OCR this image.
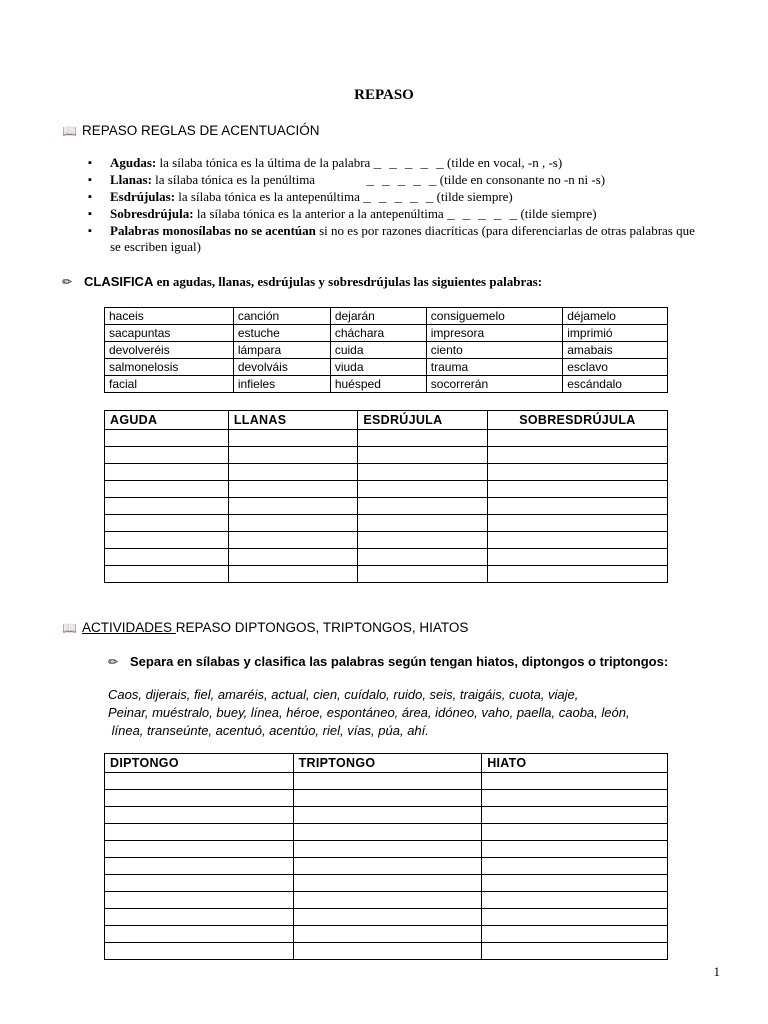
REPASO
📖 REPASO REGLAS DE ACENTUACIÓN
▪ Agudas: la sílaba tónica es la última de la palabra _ _ _ _ _ (tilde en vocal, -n , -s)
▪ Llanas: la sílaba tónica es la penúltima	_ _ _ _ _ (tilde en consonante no -n ni -s)
▪ Esdrújulas: la sílaba tónica es la antepenúltima _ _ _ _ _ (tilde siempre)
▪ Sobresdrújula: la sílaba tónica es la anterior a la antepenúltima _ _ _ _ _ (tilde siempre)
▪ Palabras monosílabas no se acentúan si no es por razones diacríticas (para diferenciarlas de otras palabras que se escriben igual)
✏ CLASIFICA en agudas, llanas, esdrújulas y sobresdrújulas las siguientes palabras:
haceis	canción	dejarán	consiguemelo	déjamelo
sacapuntas	estuche	cháchara	impresora	imprimió
devolveréis	lámpara	cuida	ciento	amabais
salmonelosis	devolváis	viuda	trauma	esclavo
facial	infieles	huésped	socorrerán	escándalo
AGUDA	LLANAS	ESDRÚJULA	SOBRESDRÚJULA

📖 ACTIVIDADES REPASO DIPTONGOS, TRIPTONGOS, HIATOS
✏ Separa en sílabas y clasifica las palabras según tengan hiatos, diptongos o triptongos:
Caos, dijerais, fiel, amaréis, actual, cien, cuídalo, ruido, seis, traigáis, cuota, viaje,
Peinar, muéstralo, buey, línea, héroe, espontáneo, área, idóneo, vaho, paella, caoba, león,
línea, transeúnte, acentuó, acentúo, riel, vías, púa, ahí.
DIPTONGO	TRIPTONGO	HIATO

1
